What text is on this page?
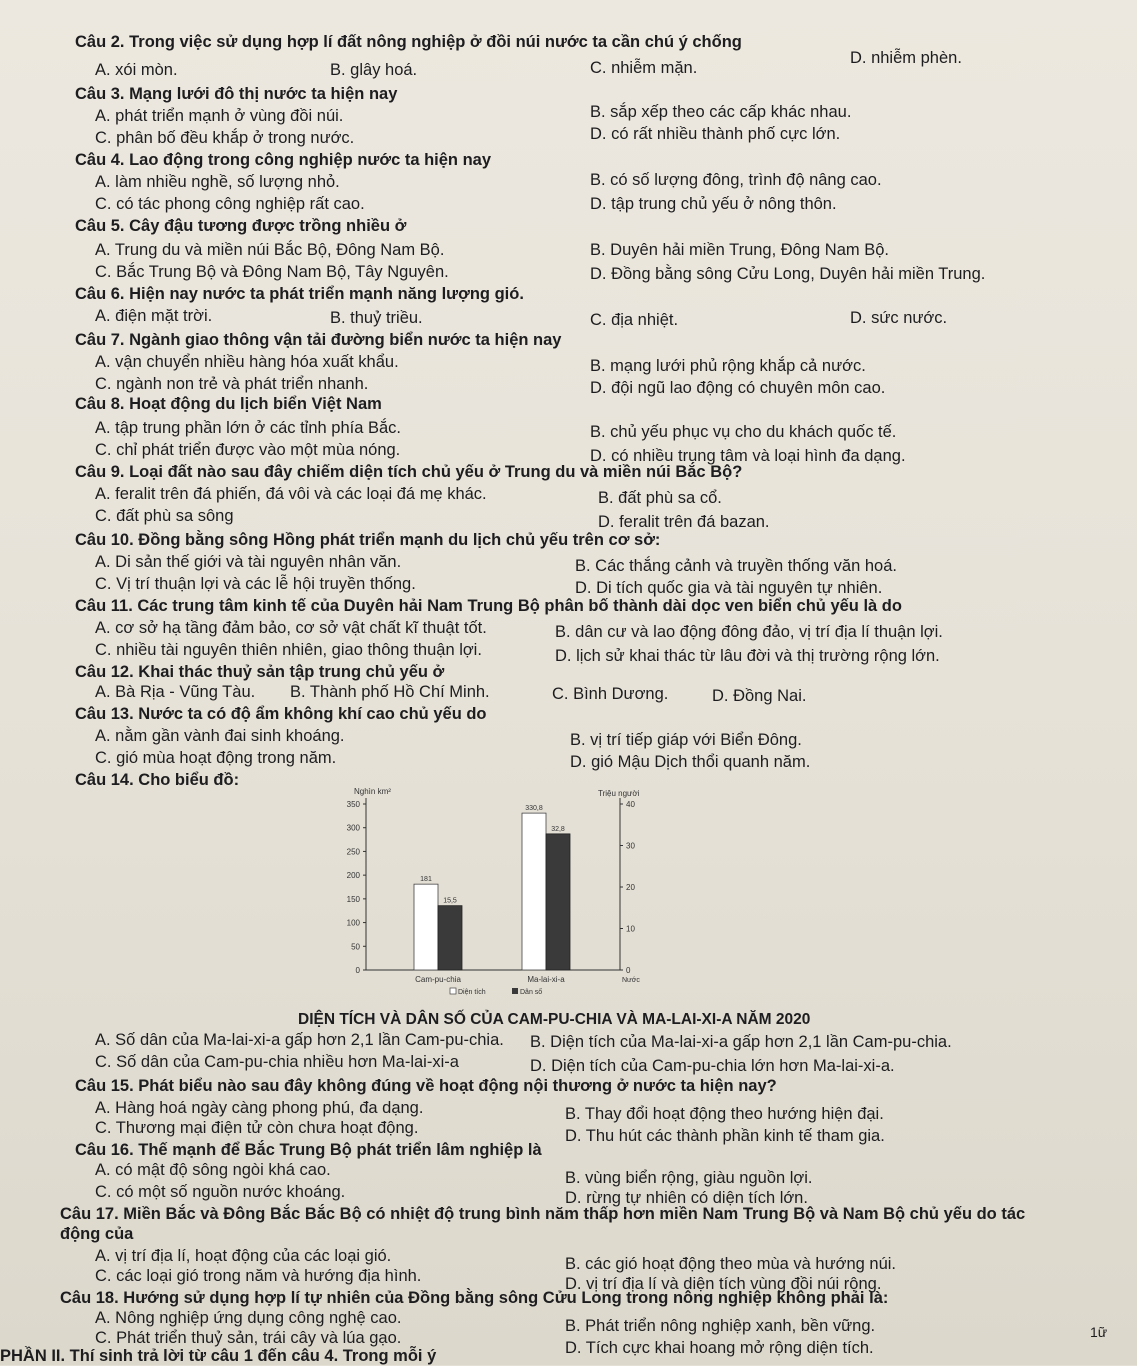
Câu 2. Trong việc sử dụng hợp lí đất nông nghiệp ở đồi núi nước ta cần chú ý chống
D. nhiễm phèn.
A. xói mòn.	B. glây hoá.	C. nhiễm mặn.
Câu 3. Mạng lưới đô thị nước ta hiện nay
A. phát triển mạnh ở vùng đồi núi.	B. sắp xếp theo các cấp khác nhau.
C. phân bố đều khắp ở trong nước.	D. có rất nhiều thành phố cực lớn.
Câu 4. Lao động trong công nghiệp nước ta hiện nay
A. làm nhiều nghề, số lượng nhỏ.	B. có số lượng đông, trình độ nâng cao.
C. có tác phong công nghiệp rất cao.	D. tập trung chủ yếu ở nông thôn.
Câu 5. Cây đậu tương được trồng nhiều ở
A. Trung du và miền núi Bắc Bộ, Đông Nam Bộ.	B. Duyên hải miền Trung, Đông Nam Bộ.
C. Bắc Trung Bộ và Đông Nam Bộ, Tây Nguyên.	D. Đồng bằng sông Cửu Long, Duyên hải miền Trung.
Câu 6. Hiện nay nước ta phát triển mạnh năng lượng gió.
A. điện mặt trời.	B. thuỷ triều.	C. địa nhiệt.	D. sức nước.
Câu 7. Ngành giao thông vận tải đường biển nước ta hiện nay
A. vận chuyển nhiều hàng hóa xuất khẩu.	B. mạng lưới phủ rộng khắp cả nước.
C. ngành non trẻ và phát triển nhanh.	D. đội ngũ lao động có chuyên môn cao.
Câu 8. Hoạt động du lịch biển Việt Nam
A. tập trung phần lớn ở các tỉnh phía Bắc.	B. chủ yếu phục vụ cho du khách quốc tế.
C. chỉ phát triển được vào một mùa nóng.	D. có nhiều trung tâm và loại hình đa dạng.
Câu 9. Loại đất nào sau đây chiếm diện tích chủ yếu ở Trung du và miền núi Bắc Bộ?
A. feralit trên đá phiến, đá vôi và các loại đá mẹ khác.	B. đất phù sa cổ.
C. đất phù sa sông	D. feralit trên đá bazan.
Câu 10. Đồng bằng sông Hồng phát triển mạnh du lịch chủ yếu trên cơ sở:
A. Di sản thế giới và tài nguyên nhân văn.	B. Các thắng cảnh và truyền thống văn hoá.
C. Vị trí thuận lợi và các lễ hội truyền thống.	D. Di tích quốc gia và tài nguyên tự nhiên.
Câu 11. Các trung tâm kinh tế của Duyên hải Nam Trung Bộ phân bố thành dài dọc ven biển chủ yếu là do
A. cơ sở hạ tầng đảm bảo, cơ sở vật chất kĩ thuật tốt.	B. dân cư và lao động đông đảo, vị trí địa lí thuận lợi.
C. nhiều tài nguyên thiên nhiên, giao thông thuận lợi.	D. lịch sử khai thác từ lâu đời và thị trường rộng lớn.
Câu 12. Khai thác thuỷ sản tập trung chủ yếu ở
A. Bà Rịa - Vũng Tàu. B. Thành phố Hồ Chí Minh.	C. Bình Dương.	D. Đồng Nai.
Câu 13. Nước ta có độ ẩm không khí cao chủ yếu do
A. nằm gần vành đai sinh khoáng.	B. vị trí tiếp giáp với Biển Đông.
C. gió mùa hoạt động trong năm.	D. gió Mậu Dịch thổi quanh năm.
Câu 14. Cho biểu đồ:
0
50
100
150
200
250
300
350
0
10
20
30
40
Nghìn km²	Triệu người
181
15,5
Cam-pu-chia
330,8
32,8
Ma-lai-xi-a	Nước
Diện tích	Dân số
DIỆN TÍCH VÀ DÂN SỐ CỦA CAM-PU-CHIA VÀ MA-LAI-XI-A NĂM 2020
A. Số dân của Ma-lai-xi-a gấp hơn 2,1 lần Cam-pu-chia. B. Diện tích của Ma-lai-xi-a gấp hơn 2,1 lần Cam-pu-chia.
C. Số dân của Cam-pu-chia nhiều hơn Ma-lai-xi-a	D. Diện tích của Cam-pu-chia lớn hơn Ma-lai-xi-a.
Câu 15. Phát biểu nào sau đây không đúng về hoạt động nội thương ở nước ta hiện nay?
A. Hàng hoá ngày càng phong phú, đa dạng.	B. Thay đổi hoạt động theo hướng hiện đại.
C. Thương mại điện tử còn chưa hoạt động.	D. Thu hút các thành phần kinh tế tham gia.
Câu 16. Thế mạnh để Bắc Trung Bộ phát triển lâm nghiệp là
A. có mật độ sông ngòi khá cao.	B. vùng biển rộng, giàu nguồn lợi.
C. có một số nguồn nước khoáng.	D. rừng tự nhiên có diện tích lớn.
Câu 17. Miền Bắc và Đông Bắc Bắc Bộ có nhiệt độ trung bình năm thấp hơn miền Nam Trung Bộ và Nam Bộ chủ yếu do tác
động của
A. vị trí địa lí, hoạt động của các loại gió.	B. các gió hoạt động theo mùa và hướng núi.
C. các loại gió trong năm và hướng địa hình.	D. vị trí địa lí và diện tích vùng đồi núi rộng.
Câu 18. Hướng sử dụng hợp lí tự nhiên của Đồng bằng sông Cửu Long trong nông nghiệp không phải là:
A. Nông nghiệp ứng dụng công nghệ cao.	B. Phát triển nông nghiệp xanh, bền vững.
C. Phát triển thuỷ sản, trái cây và lúa gạo.
D. Tích cực khai hoang mở rộng diện tích.
1ữ
PHẦN II. Thí sinh trả lời từ câu 1 đến câu 4. Trong mỗi ý
